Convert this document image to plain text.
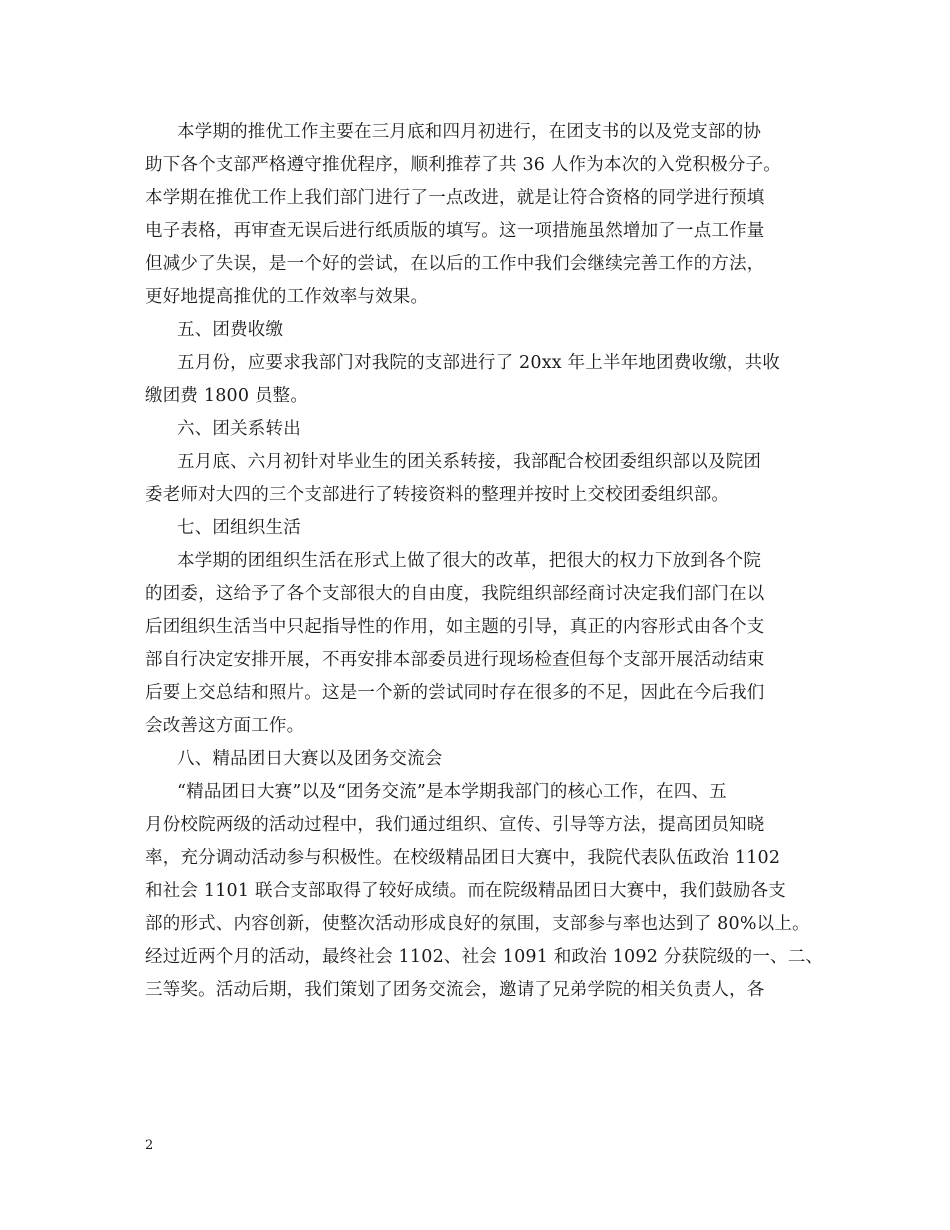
本学期的推优工作主要在三月底和四月初进行，在团支书的以及党支部的协
助下各个支部严格遵守推优程序，顺利推荐了共 36 人作为本次的入党积极分子。
本学期在推优工作上我们部门进行了一点改进，就是让符合资格的同学进行预填
电子表格，再审查无误后进行纸质版的填写。这一项措施虽然增加了一点工作量
但减少了失误，是一个好的尝试，在以后的工作中我们会继续完善工作的方法，
更好地提高推优的工作效率与效果。
五、团费收缴
五月份，应要求我部门对我院的支部进行了 20xx 年上半年地团费收缴，共收
缴团费 1800 员整。
六、团关系转出
五月底、六月初针对毕业生的团关系转接，我部配合校团委组织部以及院团
委老师对大四的三个支部进行了转接资料的整理并按时上交校团委组织部。
七、团组织生活
本学期的团组织生活在形式上做了很大的改革，把很大的权力下放到各个院
的团委，这给予了各个支部很大的自由度，我院组织部经商讨决定我们部门在以
后团组织生活当中只起指导性的作用，如主题的引导，真正的内容形式由各个支
部自行决定安排开展，不再安排本部委员进行现场检查但每个支部开展活动结束
后要上交总结和照片。这是一个新的尝试同时存在很多的不足，因此在今后我们
会改善这方面工作。
八、精品团日大赛以及团务交流会
“精品团日大赛”以及“团务交流”是本学期我部门的核心工作，在四、五
月份校院两级的活动过程中，我们通过组织、宣传、引导等方法，提高团员知晓
率，充分调动活动参与积极性。在校级精品团日大赛中，我院代表队伍政治 1102
和社会 1101 联合支部取得了较好成绩。而在院级精品团日大赛中，我们鼓励各支
部的形式、内容创新，使整次活动形成良好的氛围，支部参与率也达到了 80%以上。
经过近两个月的活动，最终社会 1102、社会 1091 和政治 1092 分获院级的一、二、
三等奖。活动后期，我们策划了团务交流会，邀请了兄弟学院的相关负责人，各
2
